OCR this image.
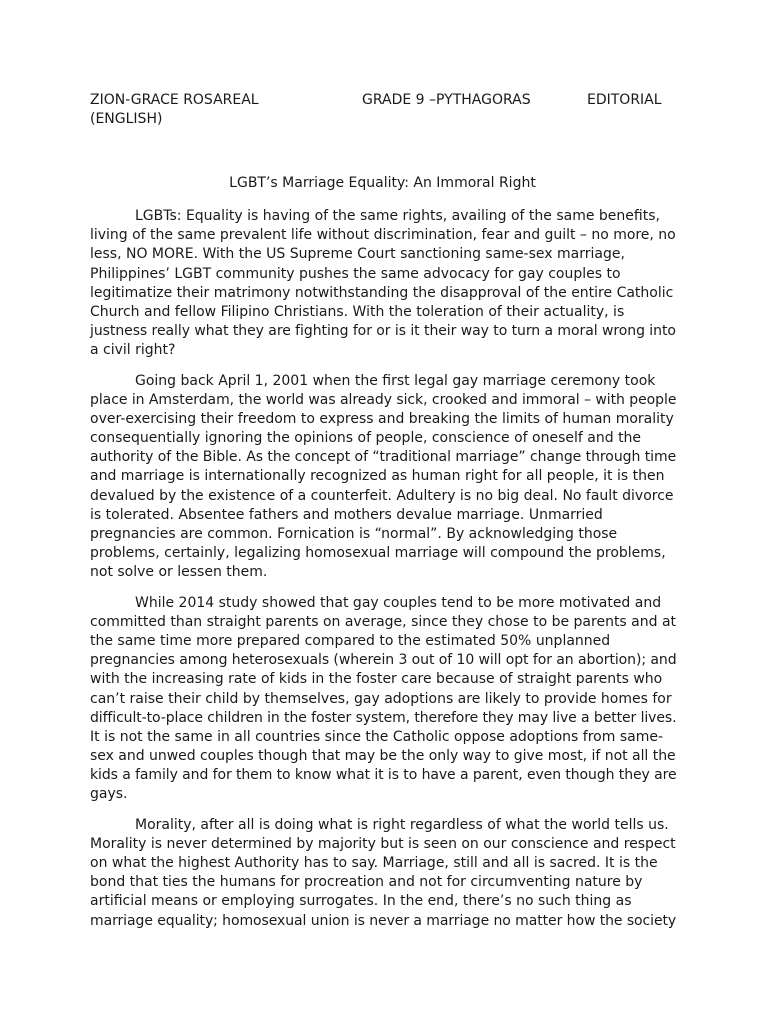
ZION-GRACE ROSAREAL	GRADE 9 –PYTHAGORAS	EDITORIAL
(ENGLISH)
LGBT’s Marriage Equality: An Immoral Right
LGBTs: Equality is having of the same rights, availing of the same benefits,
living of the same prevalent life without discrimination, fear and guilt – no more, no
less, NO MORE. With the US Supreme Court sanctioning same-sex marriage,
Philippines’ LGBT community pushes the same advocacy for gay couples to
legitimatize their matrimony notwithstanding the disapproval of the entire Catholic
Church and fellow Filipino Christians. With the toleration of their actuality, is
justness really what they are fighting for or is it their way to turn a moral wrong into
a civil right?
Going back April 1, 2001 when the first legal gay marriage ceremony took
place in Amsterdam, the world was already sick, crooked and immoral – with people
over-exercising their freedom to express and breaking the limits of human morality
consequentially ignoring the opinions of people, conscience of oneself and the
authority of the Bible. As the concept of “traditional marriage” change through time
and marriage is internationally recognized as human right for all people, it is then
devalued by the existence of a counterfeit. Adultery is no big deal. No fault divorce
is tolerated. Absentee fathers and mothers devalue marriage. Unmarried
pregnancies are common. Fornication is “normal”. By acknowledging those
problems, certainly, legalizing homosexual marriage will compound the problems,
not solve or lessen them.
While 2014 study showed that gay couples tend to be more motivated and
committed than straight parents on average, since they chose to be parents and at
the same time more prepared compared to the estimated 50% unplanned
pregnancies among heterosexuals (wherein 3 out of 10 will opt for an abortion); and
with the increasing rate of kids in the foster care because of straight parents who
can’t raise their child by themselves, gay adoptions are likely to provide homes for
difficult-to-place children in the foster system, therefore they may live a better lives.
It is not the same in all countries since the Catholic oppose adoptions from same-
sex and unwed couples though that may be the only way to give most, if not all the
kids a family and for them to know what it is to have a parent, even though they are
gays.
Morality, after all is doing what is right regardless of what the world tells us.
Morality is never determined by majority but is seen on our conscience and respect
on what the highest Authority has to say. Marriage, still and all is sacred. It is the
bond that ties the humans for procreation and not for circumventing nature by
artificial means or employing surrogates. In the end, there’s no such thing as
marriage equality; homosexual union is never a marriage no matter how the society
